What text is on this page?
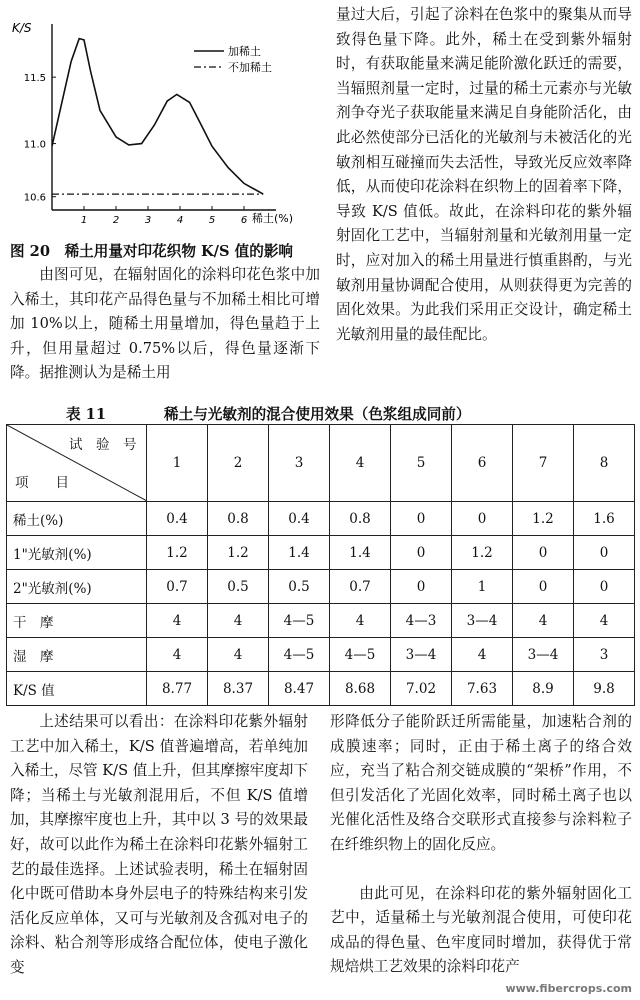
K/S
稀土(%)
加稀土
不加稀土
10.6
11.0
11.5
1	2	3	4	5	6
图 20　稀土用量对印花织物 K/S 值的影响

由图可见，在辐射固化的涂料印花色浆中加入稀土，其印花产品得色量与不加稀土相比可增加 10%以上，随稀土用量增加，得色量趋于上升，但用量超过 0.75%以后，得色量逐渐下降。据推测认为是稀土用

量过大后，引起了涂料在色浆中的聚集从而导致得色量下降。此外，稀土在受到紫外辐射时，有获取能量来满足能阶激化跃迁的需要，当辐照剂量一定时，过量的稀土元素亦与光敏剂争夺光子获取能量来满足自身能阶活化，由此必然使部分已活化的光敏剂与未被活化的光敏剂相互碰撞而失去活性，导致光反应效率降低，从而使印花涂料在织物上的固着率下降，导致 K/S 值低。故此，在涂料印花的紫外辐射固化工艺中，当辐射剂量和光敏剂用量一定时，应对加入的稀土用量进行慎重斟酌，与光敏剂用量协调配合使用，从则获得更为完善的固化效果。为此我们采用正交设计，确定稀土光敏剂用量的最佳配比。

表 11	稀土与光敏剂的混合使用效果（色浆组成同前）
试　验　号
项　　目	1	2	3	4	5	6	7	8
稀土(%)	0.4	0.8	0.4	0.8	0	0	1.2	1.6
1"光敏剂(%)	1.2	1.2	1.4	1.4	0	1.2	0	0
2"光敏剂(%)	0.7	0.5	0.5	0.7	0	1	0	0
干　摩	4	4	4—5	4	4—3	3—4	4	4
湿　摩	4	4	4—5	4—5	3—4	4	3—4	3
K/S 值	8.77	8.37	8.47	8.68	7.02	7.63	8.9	9.8

上述结果可以看出：在涂料印花紫外辐射工艺中加入稀土，K/S 值普遍增高，若单纯加入稀土，尽管 K/S 值上升，但其摩擦牢度却下降；当稀土与光敏剂混用后，不但 K/S 值增加，其摩擦牢度也上升，其中以 3 号的效果最好，故可以此作为稀土在涂料印花紫外辐射工艺的最佳选择。上述试验表明，稀土在辐射固化中既可借助本身外层电子的特殊结构来引发活化反应单体，又可与光敏剂及含孤对电子的涂料、粘合剂等形成络合配位体，使电子激化变

形降低分子能阶跃迁所需能量，加速粘合剂的成膜速率；同时，正由于稀土离子的络合效应，充当了粘合剂交链成膜的“架桥”作用，不但引发活化了光固化效率，同时稀土离子也以光催化活性及络合交联形式直接参与涂料粒子在纤维织物上的固化反应。

由此可见，在涂料印花的紫外辐射固化工艺中，适量稀土与光敏剂混合使用，可使印花成品的得色量、色牢度同时增加，获得优于常规焙烘工艺效果的涂料印花产

www.fibercrops.com
